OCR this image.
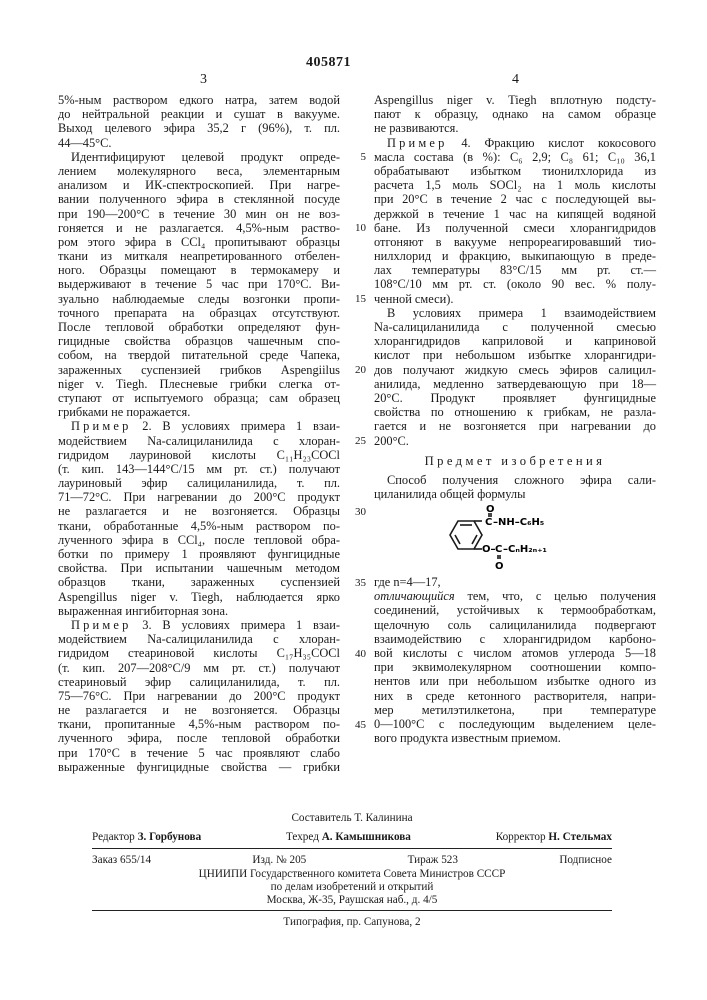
405871
3	4
5%-ным раствором едкого натра, затем водой
до нейтральной реакции и сушат в вакууме.
Выход целевого эфира 35,2 г (96%), т. пл.
44—45°C.
Идентифицируют целевой продукт опреде-
лением молекулярного веса, элементарным
анализом и ИК-спектроскопией. При нагре-
вании полученного эфира в стеклянной посуде
при 190—200°C в течение 30 мин он не воз-
гоняется и не разлагается. 4,5%-ным раство-
ром этого эфира в CCl₄ пропитывают образцы
ткани из миткаля неапретированного отбелен-
ного. Образцы помещают в термокамеру и
выдерживают в течение 5 час при 170°C. Ви-
зуально наблюдаемые следы возгонки пропи-
точного препарата на образцах отсутствуют.
После тепловой обработки определяют фун-
гицидные свойства образцов чашечным спо-
собом, на твердой питательной среде Чапека,
зараженных суспензией грибков Aspengiilus
niger v. Tiegh. Плесневые грибки слегка от-
ступают от испытуемого образца; сам образец
грибками не поражается.
Пример 2. В условиях примера 1 взаи-
модействием Na-салициланилида с хлоран-
гидридом лауриновой кислоты C₁₁H₂₃COCl
(т. кип. 143—144°C/15 мм рт. ст.) получают
лауриновый эфир салициланилида, т. пл.
71—72°C. При нагревании до 200°C продукт
не разлагается и не возгоняется. Образцы
ткани, обработанные 4,5%-ным раствором по-
лученного эфира в CCl₄, после тепловой обра-
ботки по примеру 1 проявляют фунгицидные
свойства. При испытании чашечным методом
образцов ткани, зараженных суспензией
Aspengillus niger v. Tiegh, наблюдается ярко
выраженная ингибиторная зона.
Пример 3. В условиях примера 1 взаи-
модействием Na-салициланилида с хлоран-
гидридом стеариновой кислоты C₁₇H₃₅COCl
(т. кип. 207—208°C/9 мм рт. ст.) получают
стеариновый эфир салициланилида, т. пл.
75—76°C. При нагревании до 200°C продукт
не разлагается и не возгоняется. Образцы
ткани, пропитанные 4,5%-ным раствором по-
лученного эфира, после тепловой обработки
при 170°C в течение 5 час проявляют слабо
выраженные фунгицидные свойства — грибки
5
10
15
20
25
30
35
40
45
Aspengillus niger v. Tiegh вплотную подсту-
пают к образцу, однако на самом образце
не развиваются.
Пример 4. Фракцию кислот кокосового
масла состава (в %): C₆ 2,9; C₈ 61; C₁₀ 36,1
обрабатывают избытком тионилхлорида из
расчета 1,5 моль SOCl₂ на 1 моль кислоты
при 20°C в течение 2 час с последующей вы-
держкой в течение 1 час на кипящей водяной
бане. Из полученной смеси хлорангидридов
отгоняют в вакууме непрореагировавший тио-
нилхлорид и фракцию, выкипающую в преде-
лах температуры 83°C/15 мм рт. ст.—
108°C/10 мм рт. ст. (около 90 вес. % полу-
ченной смеси).
В условиях примера 1 взаимодействием
Na-салициланилида с полученной смесью
хлорангидридов каприловой и каприновой
кислот при небольшом избытке хлорангидри-
дов получают жидкую смесь эфиров салицил-
анилида, медленно затвердевающую при 18—
20°C. Продукт проявляет фунгицидные
свойства по отношению к грибкам, не разла-
гается и не возгоняется при нагревании до
200°C.
Предмет изобретения
Способ получения сложного эфира сали-
циланилида общей формулы
O
C –NH–C₆H₅
O– C –CₙH₂ₙ₊₁
O
где n=4—17,
отличающийся тем, что, с целью получения
соединений, устойчивых к термообработкам,
щелочную соль салициланилида подвергают
взаимодействию с хлорангидридом карбоно-
вой кислоты с числом атомов углерода 5—18
при эквимолекулярном соотношении компо-
нентов или при небольшом избытке одного из
них в среде кетонного растворителя, напри-
мер метилэтилкетона, при температуре
0—100°C с последующим выделением целе-
вого продукта известным приемом.
Составитель Т. Калинина
Редактор З. Горбунова	Техред А. Камышникова	Корректор Н. Стельмах
Заказ 655/14	Изд. № 205	Тираж 523	Подписное
ЦНИИПИ Государственного комитета Совета Министров СССР
по делам изобретений и открытий
Москва, Ж-35, Раушская наб., д. 4/5
Типография, пр. Сапунова, 2
